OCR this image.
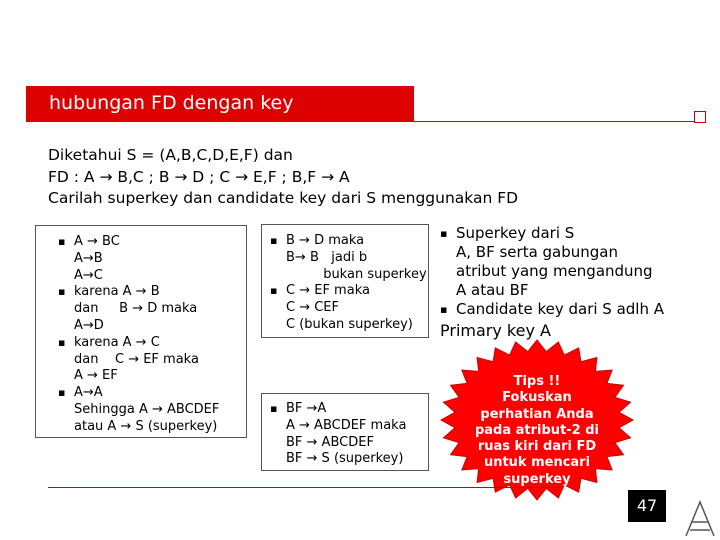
hubungan FD dengan key
Diketahui S = (A,B,C,D,E,F) dan
FD : A → B,C ; B → D ; C → E,F ; B,F → A
Carilah superkey dan candidate key dari S menggunakan FD
▪ A → BC
A→B
A→C
▪ karena A → B
dan     B → D maka
A→D
▪ karena A → C
dan    C → EF maka
A → EF
▪ A→A
Sehingga A → ABCDEF
atau A → S (superkey)
▪ B → D maka
B→ B   jadi b
bukan superkey
▪ C → EF maka
C → CEF
C (bukan superkey)
▪ BF →A
A → ABCDEF maka
BF → ABCDEF
BF → S (superkey)
▪ Superkey dari S
A, BF serta gabungan
atribut yang mengandung
A atau BF
▪ Candidate key dari S adlh A
Primary key A
Tips !!
Fokuskan
perhatian Anda
pada atribut-2 di
ruas kiri dari FD
untuk mencari
superkey
47
